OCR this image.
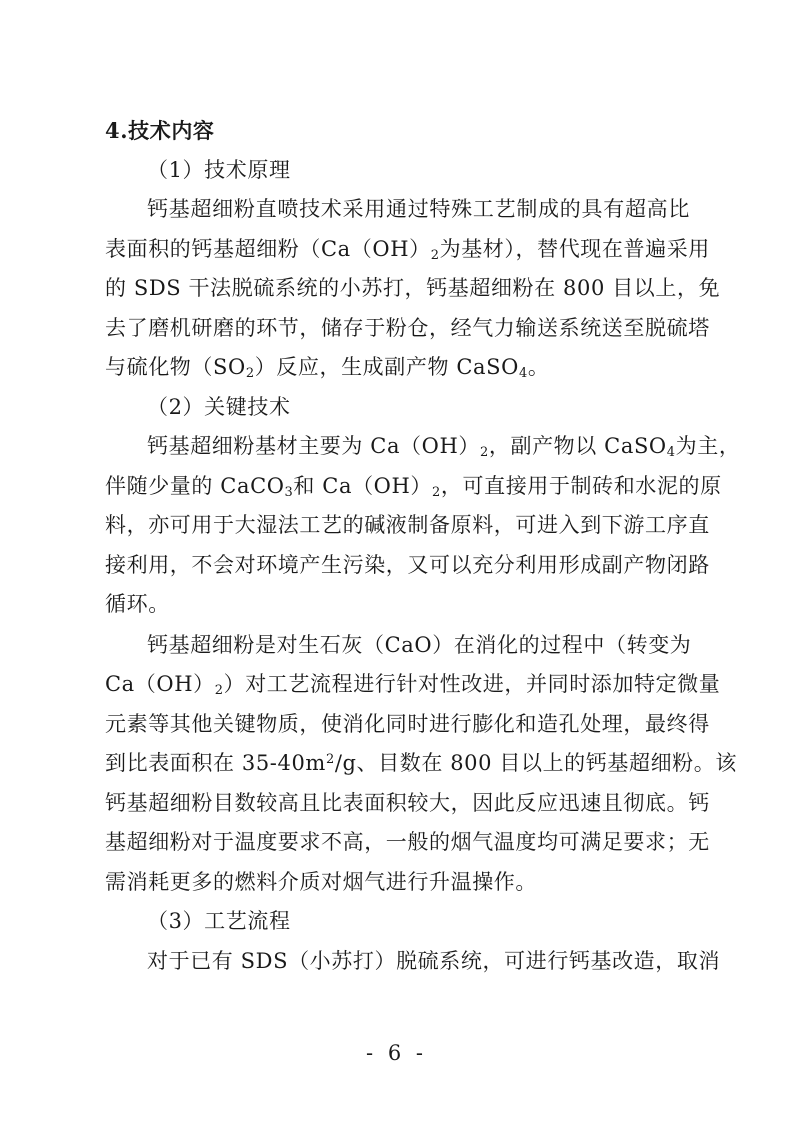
4.技术内容
（1）技术原理
钙基超细粉直喷技术采用通过特殊工艺制成的具有超高比
表面积的钙基超细粉（$Ca(OH)_2$为基材），替代现在普遍采用
的 SDS 干法脱硫系统的小苏打，钙基超细粉在 800 目以上，免
去了磨机研磨的环节，储存于粉仓，经气力输送系统送至脱硫塔
与硫化物$(SO_2)$反应，生成副产物 CaSO$_4$。
（2）关键技术
钙基超细粉基材主要为 $Ca(OH)_2$，副产物以 CaSO$_4$为主，
伴随少量的 CaCO$_3$和 $Ca(OH)_2$，可直接用于制砖和水泥的原
料，亦可用于大湿法工艺的碱液制备原料，可进入到下游工序直
接利用，不会对环境产生污染，又可以充分利用形成副产物闭路
循环。
钙基超细粉是对生石灰（CaO）在消化的过程中（转变为
$Ca(OH)_2$）对工艺流程进行针对性改进，并同时添加特定微量
元素等其他关键物质，使消化同时进行膨化和造孔处理，最终得
到比表面积在 $35-40m^2/g$、目数在 800 目以上的钙基超细粉。该
钙基超细粉目数较高且比表面积较大，因此反应迅速且彻底。钙
基超细粉对于温度要求不高，一般的烟气温度均可满足要求；无
需消耗更多的燃料介质对烟气进行升温操作。
（3）工艺流程
对于已有 SDS（小苏打）脱硫系统，可进行钙基改造，取消
- 6 -
